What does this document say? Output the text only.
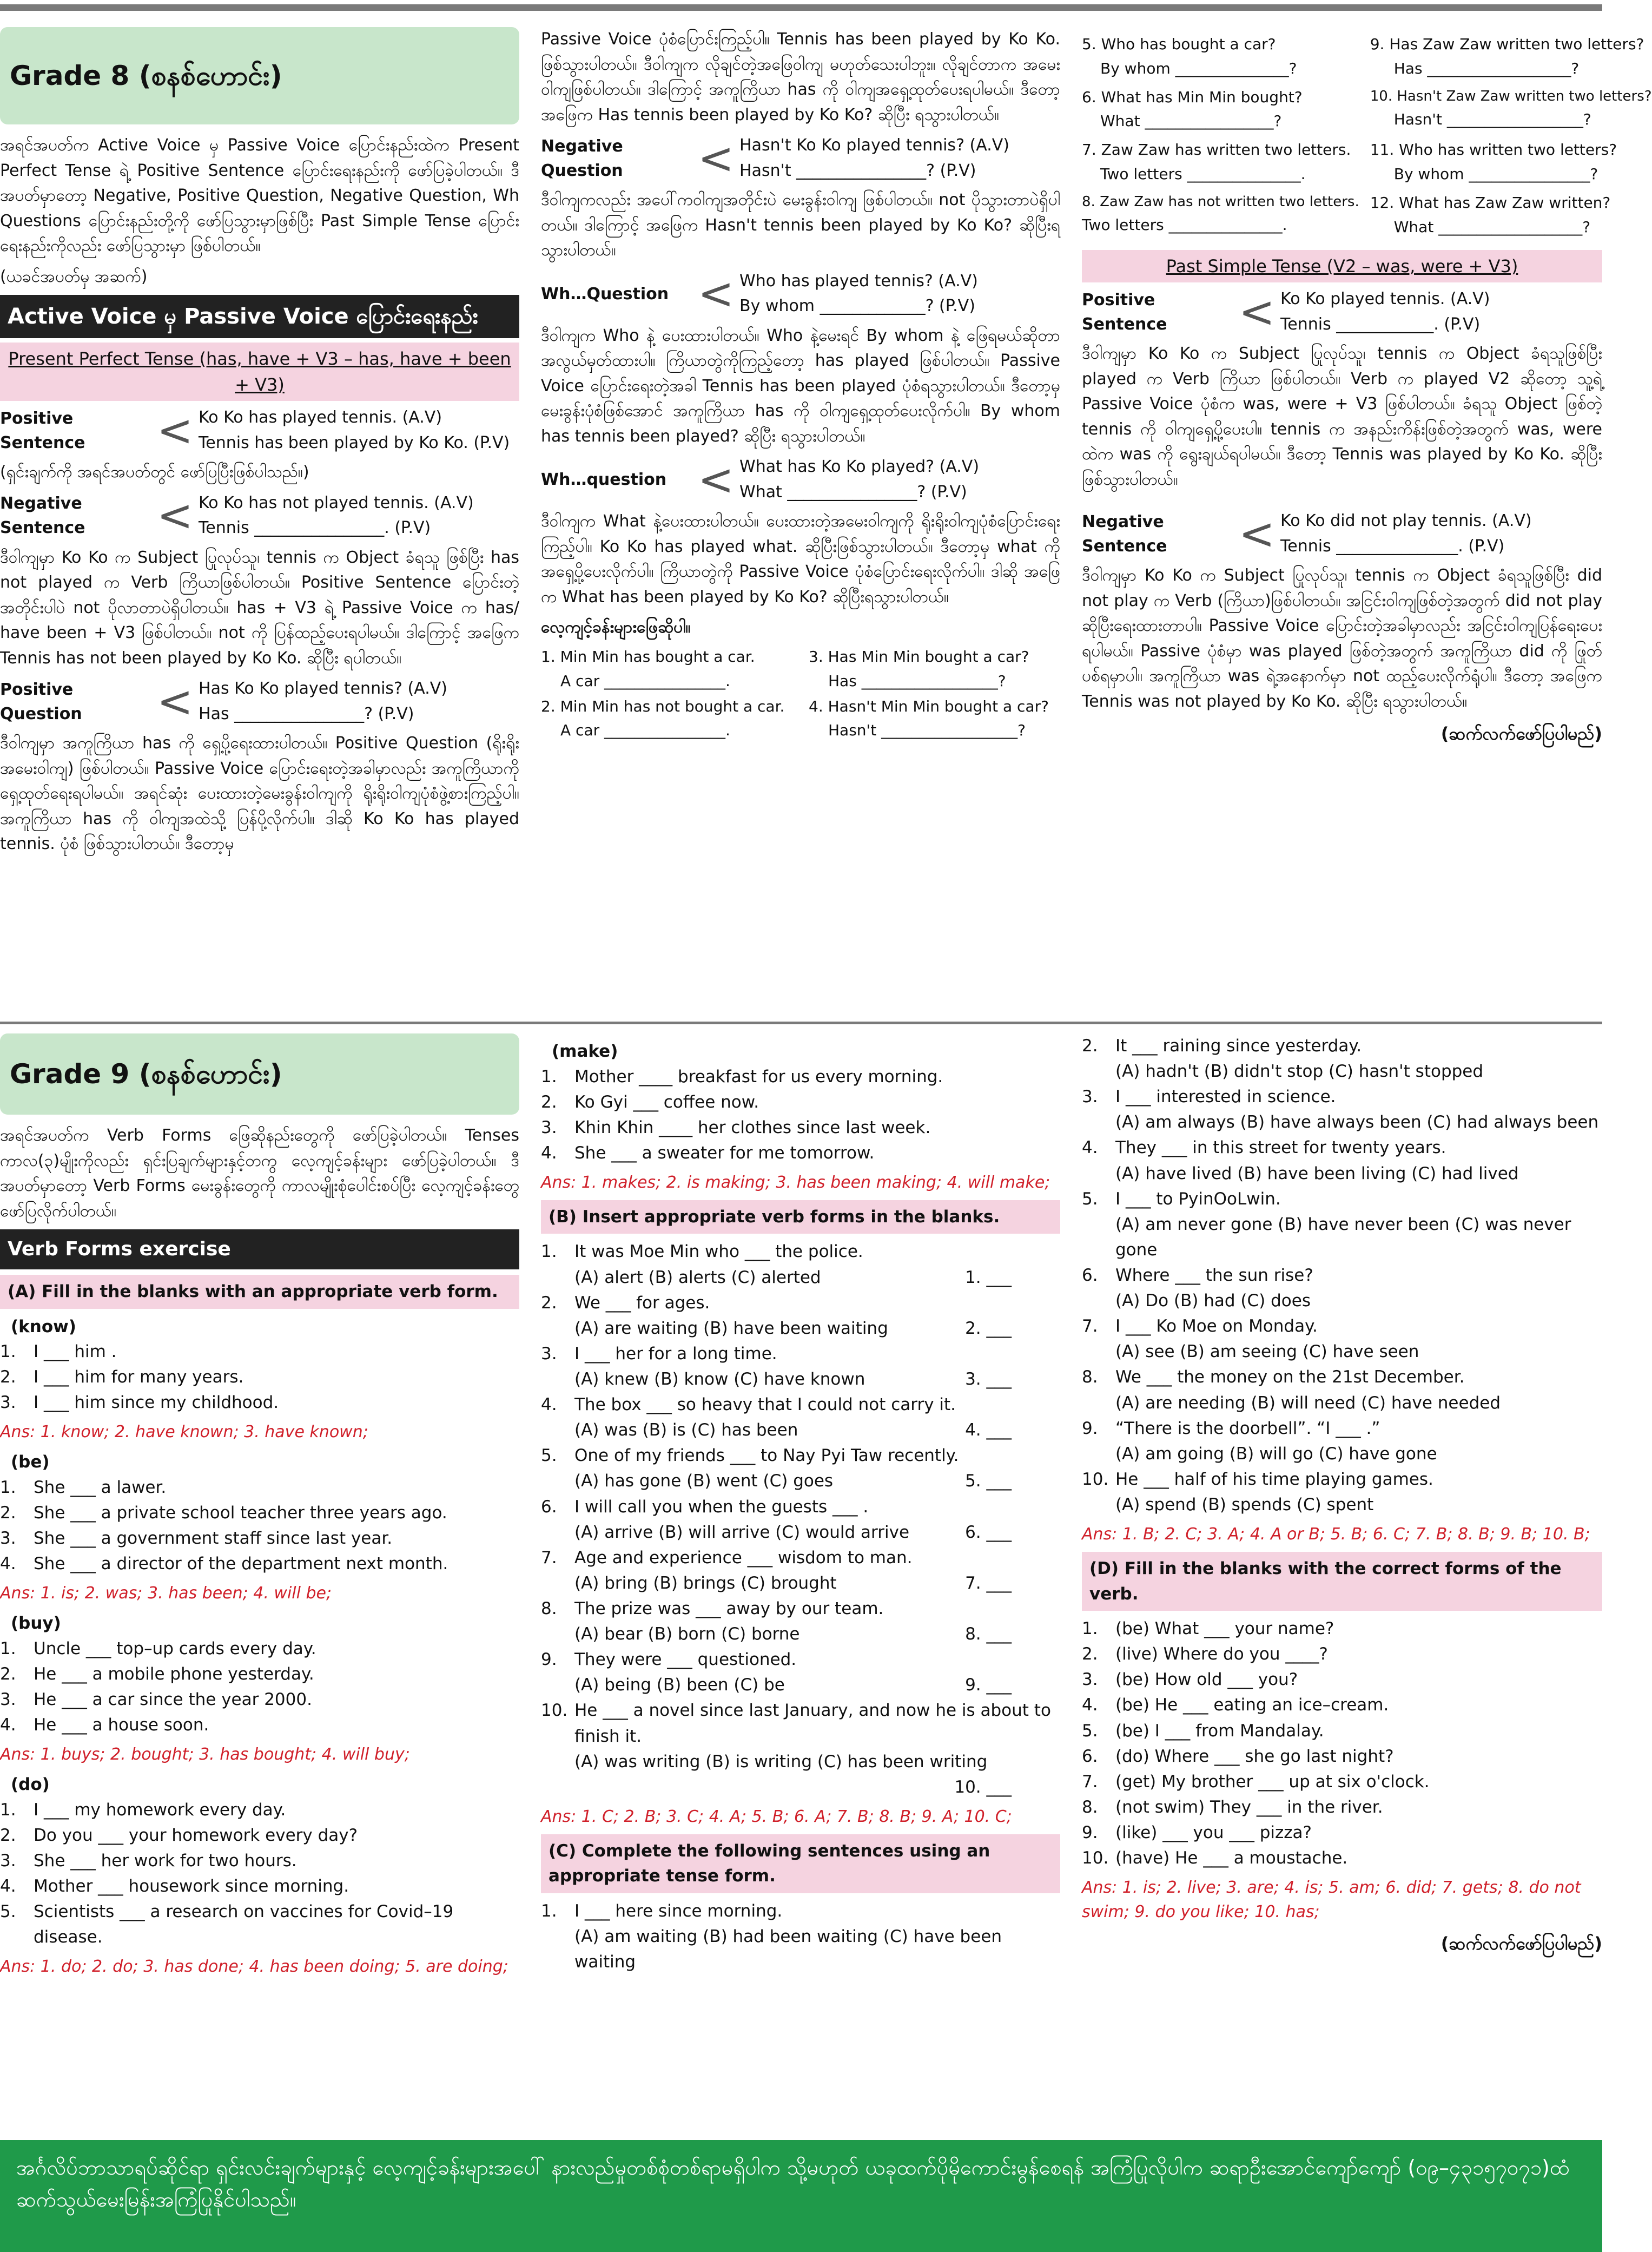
Grade 8 (စနစ်ဟောင်း)

အရင်အပတ်က Active Voice မှ Passive Voice ပြောင်းနည်းထဲက Present Perfect Tense ရဲ့ Positive Sentence ပြောင်းရေးနည်းကို ဖော်ပြခဲ့ပါတယ်။ ဒီအပတ်မှာတော့ Negative, Positive Question, Negative Question, Wh Questions ပြောင်းနည်းတို့ကို ဖော်ပြသွားမှာဖြစ်ပြီး Past Simple Tense ပြောင်းရေးနည်းကိုလည်း ဖော်ပြသွားမှာ ဖြစ်ပါတယ်။

(ယခင်အပတ်မှ အဆက်)

Active Voice မှ Passive Voice ပြောင်းရေးနည်း
Present Perfect Tense (has, have + V3 – has, have + been + V3)
Positive Sentence	< Ko Ko has played tennis. (A.V)
Tennis has been played by Ko Ko. (P.V)

(ရှင်းချက်ကို အရင်အပတ်တွင် ဖော်ပြပြီးဖြစ်ပါသည်။)

Negative Sentence	< Ko Ko has not played tennis. (A.V)
Tennis ________________. (P.V)

ဒီဝါကျမှာ Ko Ko က Subject ပြုလုပ်သူ၊ tennis က Object ခံရသူ ဖြစ်ပြီး has not played က Verb ကြိယာဖြစ်ပါတယ်။ Positive Sentence ပြောင်းတဲ့အတိုင်းပါပဲ not ပိုလာတာပဲရှိပါတယ်။ has + V3 ရဲ့ Passive Voice က has/ have been + V3 ဖြစ်ပါတယ်။ not ကို ပြန်ထည့်ပေးရပါမယ်။ ဒါကြောင့် အဖြေက Tennis has not been played by Ko Ko. ဆိုပြီး ရပါတယ်။

Positive Question	< Has Ko Ko played tennis? (A.V)
Has ________________? (P.V)

ဒီဝါကျမှာ အကူကြိယာ has ကို ရှေ့ပို့ရေးထားပါတယ်။ Positive Question (ရိုးရိုးအမေးဝါကျ) ဖြစ်ပါတယ်။ Passive Voice ပြောင်းရေးတဲ့အခါမှာလည်း အကူကြိယာကို ရှေ့ထုတ်ရေးရပါမယ်။ အရင်ဆုံး ပေးထားတဲ့မေးခွန်းဝါကျကို ရိုးရိုးဝါကျပုံစံဖွဲ့စားကြည့်ပါ။ အကူကြိယာ has ကို ဝါကျအထဲသို့ ပြန်ပို့လိုက်ပါ။ ဒါဆို Ko Ko has played tennis. ပုံစံ ဖြစ်သွားပါတယ်။ ဒီတော့မှ

Passive Voice ပုံစံပြောင်းကြည့်ပါ။ Tennis has been played by Ko Ko. ဖြစ်သွားပါတယ်။ ဒီဝါကျက လိုချင်တဲ့အဖြေဝါကျ မဟုတ်သေးပါဘူး။ လိုချင်တာက အမေးဝါကျဖြစ်ပါတယ်။ ဒါကြောင့် အကူကြိယာ has ကို ဝါကျအရှေ့ထုတ်ပေးရပါမယ်။ ဒီတော့ အဖြေက Has tennis been played by Ko Ko? ဆိုပြီး ရသွားပါတယ်။

Negative Question	< Hasn't Ko Ko played tennis? (A.V)
Hasn't ________________? (P.V)

ဒီဝါကျကလည်း အပေါ်ကဝါကျအတိုင်းပဲ မေးခွန်းဝါကျ ဖြစ်ပါတယ်။ not ပိုသွားတာပဲရှိပါတယ်။ ဒါကြောင့် အဖြေက Hasn't tennis been played by Ko Ko? ဆိုပြီးရသွားပါတယ်။

Wh…Question < Who has played tennis? (A.V)
By whom _____________? (P.V)

ဒီဝါကျက Who နဲ့ ပေးထားပါတယ်။ Who နဲ့မေးရင် By whom နဲ့ ဖြေရမယ်ဆိုတာ အလွယ်မှတ်ထားပါ။ ကြိယာတွဲကိုကြည့်တော့ has played ဖြစ်ပါတယ်။ Passive Voice ပြောင်းရေးတဲ့အခါ Tennis has been played ပုံစံရသွားပါတယ်။ ဒီတော့မှ မေးခွန်းပုံစံဖြစ်အောင် အကူကြိယာ has ကို ဝါကျရှေ့ထုတ်ပေးလိုက်ပါ။ By whom has tennis been played? ဆိုပြီး ရသွားပါတယ်။

Wh…question < What has Ko Ko played? (A.V)
What ________________? (P.V)

ဒီဝါကျက What နဲ့ပေးထားပါတယ်။ ပေးထားတဲ့အမေးဝါကျကို ရိုးရိုးဝါကျပုံစံပြောင်းရေးကြည့်ပါ။ Ko Ko has played what. ဆိုပြီးဖြစ်သွားပါတယ်။ ဒီတော့မှ what ကို အရှေ့ပို့ပေးလိုက်ပါ။ ကြိယာတွဲကို Passive Voice ပုံစံပြောင်းရေးလိုက်ပါ။ ဒါဆို အဖြေက What has been played by Ko Ko? ဆိုပြီးရသွားပါတယ်။

လေ့ကျင့်ခန်းများဖြေဆိုပါ။
1. Min Min has bought a car.
A car ________________.
3. Has Min Min bought a car?
Has __________________?
2. Min Min has not bought a car.
A car ________________.
4. Hasn't Min Min bought a car?
Hasn't __________________?
5. Who has bought a car?
By whom _______________?
9. Has Zaw Zaw written two letters?
Has ___________________?
6. What has Min Min bought?
What _________________?
10. Hasn't Zaw Zaw written two letters?
Hasn't __________________?
7. Zaw Zaw has written two letters.
Two letters _______________.
11. Who has written two letters?
By whom ________________?
8. Zaw Zaw has not written two letters.
Two letters _______________.
12. What has Zaw Zaw written?
What ___________________?
Past Simple Tense (V2 – was, were + V3)
Positive Sentence	< Ko Ko played tennis. (A.V)
Tennis ____________. (P.V)

ဒီဝါကျမှာ Ko Ko က Subject ပြုလုပ်သူ၊ tennis က Object ခံရသူဖြစ်ပြီး played က Verb ကြိယာ ဖြစ်ပါတယ်။ Verb က played V2 ဆိုတော့ သူ့ရဲ့ Passive Voice ပုံစံက was, were + V3 ဖြစ်ပါတယ်။ ခံရသူ Object ဖြစ်တဲ့ tennis ကို ဝါကျရှေ့ပို့ပေးပါ။ tennis က အနည်းကိန်းဖြစ်တဲ့အတွက် was, were ထဲက was ကို ရွေးချယ်ရပါမယ်။ ဒီတော့ Tennis was played by Ko Ko. ဆိုပြီး ဖြစ်သွားပါတယ်။

Negative Sentence	< Ko Ko did not play tennis. (A.V)
Tennis _______________. (P.V)

ဒီဝါကျမှာ Ko Ko က Subject ပြုလုပ်သူ၊ tennis က Object ခံရသူဖြစ်ပြီး did not play က Verb (ကြိယာ)ဖြစ်ပါတယ်။ အငြင်းဝါကျဖြစ်တဲ့အတွက် did not play ဆိုပြီးရေးထားတာပါ။ Passive Voice ပြောင်းတဲ့အခါမှာလည်း အငြင်းဝါကျပြန်ရေးပေးရပါမယ်။ Passive ပုံစံမှာ was played ဖြစ်တဲ့အတွက် အကူကြိယာ did ကို ဖြုတ်ပစ်ရမှာပါ။ အကူကြိယာ was ရဲ့အနောက်မှာ not ထည့်ပေးလိုက်ရုံပါ။ ဒီတော့ အဖြေက Tennis was not played by Ko Ko. ဆိုပြီး ရသွားပါတယ်။

(ဆက်လက်ဖော်ပြပါမည်)
Grade 9 (စနစ်ဟောင်း)

အရင်အပတ်က Verb Forms ဖြေဆိုနည်းတွေကို ဖော်ပြခဲ့ပါတယ်။ Tenses ကာလ(၃)မျိုးကိုလည်း ရှင်းပြချက်များနှင့်တကွ လေ့ကျင့်ခန်းများ ဖော်ပြခဲ့ပါတယ်။ ဒီအပတ်မှာတော့ Verb Forms မေးခွန်းတွေကို ကာလမျိုးစုံပေါင်းစပ်ပြီး လေ့ကျင့်ခန်းတွေ ဖော်ပြလိုက်ပါတယ်။

Verb Forms exercise
(A) Fill in the blanks with an appropriate verb form.
(know)
1.	I ___ him .
2.	I ___ him for many years.
3.	I ___ him since my childhood.
Ans: 1. know; 2. have known; 3. have known;
(be)
1.	She ___ a lawer.
2.	She ___ a private school teacher three years ago.
3.	She ___ a government staff since last year.
4.	She ___ a director of the department next month.
Ans: 1. is; 2. was; 3. has been; 4. will be;
(buy)
1.	Uncle ___ top–up cards every day.
2.	He ___ a mobile phone yesterday.
3.	He ___ a car since the year 2000.
4.	He ___ a house soon.
Ans: 1. buys; 2. bought; 3. has bought; 4. will buy;
(do)
1.	I ___ my homework every day.
2.	Do you ___ your homework every day?
3.	She ___ her work for two hours.
4.	Mother ___ housework since morning.
5.	Scientists ___ a research on vaccines for Covid–19 disease.
Ans: 1. do; 2. do; 3. has done; 4. has been doing; 5. are doing;
(make)
1.	Mother ____ breakfast for us every morning.
2.	Ko Gyi ___ coffee now.
3.	Khin Khin ____ her clothes since last week.
4.	She ___ a sweater for me tomorrow.
Ans: 1. makes; 2. is making; 3. has been making; 4. will make;
(B) Insert appropriate verb forms in the blanks.
1.	It was Moe Min who ___ the police.
(A) alert (B) alerts (C) alerted	1. ___
2.	We ___ for ages.
(A) are waiting (B) have been waiting	2. ___
3.	I ___ her for a long time.
(A) knew (B) know (C) have known	3. ___
4.	The box ___ so heavy that I could not carry it.
(A) was (B) is (C) has been	4. ___
5.	One of my friends ___ to Nay Pyi Taw recently.
(A) has gone (B) went (C) goes	5. ___
6.	I will call you when the guests ___ .
(A) arrive (B) will arrive (C) would arrive	6. ___
7.	Age and experience ___ wisdom to man.
(A) bring (B) brings (C) brought	7. ___
8.	The prize was ___ away by our team.
(A) bear (B) born (C) borne	8. ___
9.	They were ___ questioned.
(A) being (B) been (C) be	9. ___
10. He ___ a novel since last January, and now he is about to finish it.
(A) was writing (B) is writing (C) has been writing
10. ___
Ans: 1. C; 2. B; 3. C; 4. A; 5. B; 6. A; 7. B; 8. B; 9. A; 10. C;
(C) Complete the following sentences using an appropriate tense form.
1.	I ___ here since morning.
(A) am waiting (B) had been waiting (C) have been waiting
2.	It ___ raining since yesterday.
(A) hadn't (B) didn't stop (C) hasn't stopped
3.	I ___ interested in science.
(A) am always (B) have always been (C) had always been
4.	They ___ in this street for twenty years.
(A) have lived (B) have been living (C) had lived
5.	I ___ to PyinOoLwin.
(A) am never gone (B) have never been (C) was never gone
6.	Where ___ the sun rise?
(A) Do (B) had (C) does
7.	I ___ Ko Moe on Monday.
(A) see (B) am seeing (C) have seen
8.	We ___ the money on the 21st December.
(A) are needing (B) will need (C) have needed
9.	“There is the doorbell”. “I ___ .”
(A) am going (B) will go (C) have gone
10. He ___ half of his time playing games.
(A) spend (B) spends (C) spent
Ans: 1. B; 2. C; 3. A; 4. A or B; 5. B; 6. C; 7. B; 8. B; 9. B; 10. B;
(D) Fill in the blanks with the correct forms of the verb.
1.	(be) What ___ your name?
2.	(live) Where do you ____?
3.	(be) How old ___ you?
4.	(be) He ___ eating an ice–cream.
5.	(be) I ___ from Mandalay.
6.	(do) Where ___ she go last night?
7.	(get) My brother ___ up at six o'clock.
8.	(not swim) They ___ in the river.
9.	(like) ___ you ___ pizza?
10. (have) He ___ a moustache.
Ans: 1. is; 2. live; 3. are; 4. is; 5. am; 6. did; 7. gets; 8. do not swim; 9. do you like; 10. has;
(ဆက်လက်ဖော်ပြပါမည်)
အင်္ဂလိပ်ဘာသာရပ်ဆိုင်ရာ ရှင်းလင်းချက်များနှင့် လေ့ကျင့်ခန်းများအပေါ် နားလည်မှုတစ်စုံတစ်ရာမရှိပါက သို့မဟုတ် ယခုထက်ပိုမိုကောင်းမွန်စေရန် အကြံပြုလိုပါက ဆရာဦးအောင်ကျော်ကျော် (၀၉–၄၃၁၅၇၀၇၁)ထံ ဆက်သွယ်မေးမြန်းအကြံပြုနိုင်ပါသည်။
